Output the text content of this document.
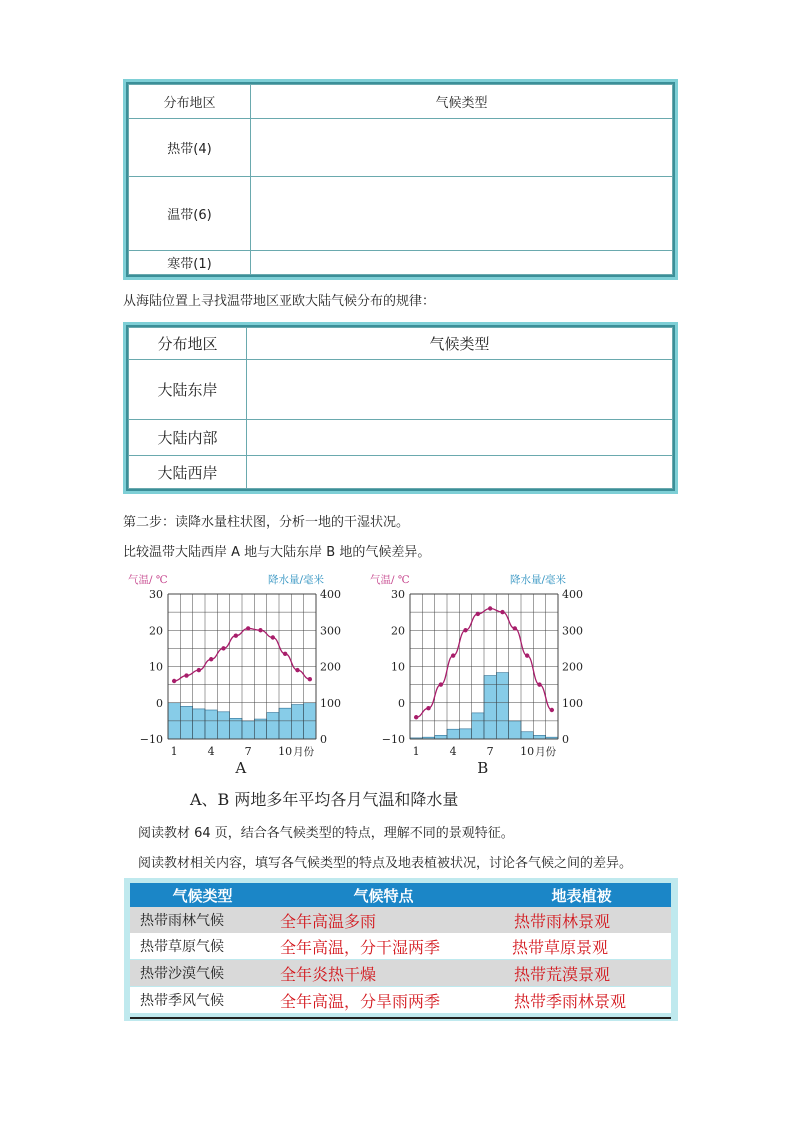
分布地区	气候类型
热带(4)	
温带(6)	
寒带(1)	
从海陆位置上寻找温带地区亚欧大陆气候分布的规律：
分布地区	气候类型
大陆东岸	
大陆内部	
大陆西岸	
第二步：读降水量柱状图，分析一地的干湿状况。
比较温带大陆西岸 A 地与大陆东岸 B 地的气候差异。
30
20
10
0
−10
400
300
200
100
0
气温/ ℃	降水量/毫米
1	4	7 10 月份
A
30
20
10
0
−10
400
300
200
100
0
气温/ ℃	降水量/毫米
1	4	7 10 月份
B
A、B 两地多年平均各月气温和降水量
阅读教材 64 页，结合各气候类型的特点，理解不同的景观特征。
阅读教材相关内容，填写各气候类型的特点及地表植被状况，讨论各气候之间的差异。
气候类型	气候特点	地表植被
热带雨林气候	全年高温多雨	热带雨林景观
热带草原气候	全年高温，分干湿两季	热带草原景观
热带沙漠气候	全年炎热干燥	热带荒漠景观
热带季风气候	全年高温，分旱雨两季	热带季雨林景观
